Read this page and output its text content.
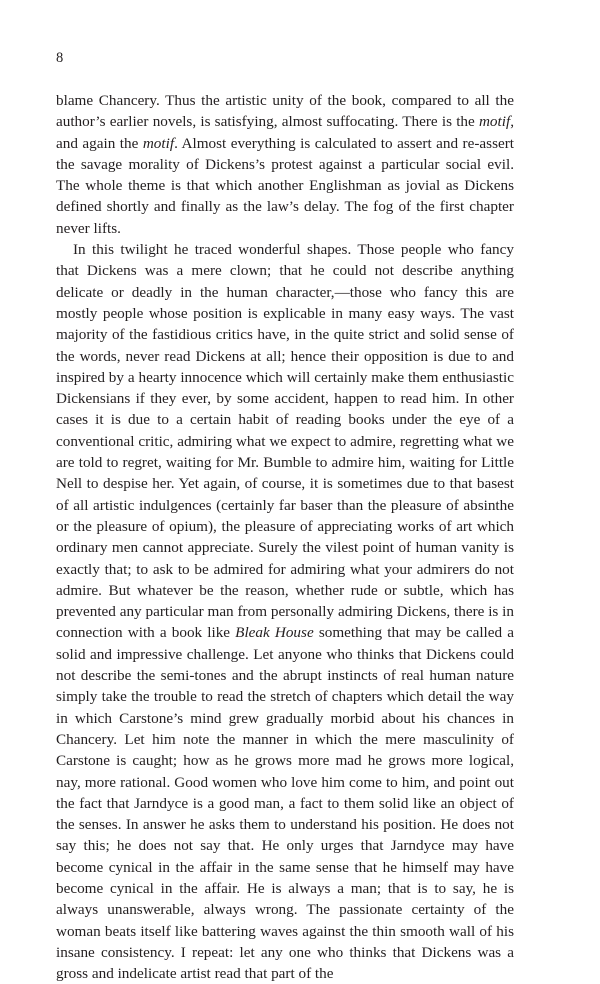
8

blame Chancery. Thus the artistic unity of the book, compared to all the author’s earlier novels, is satisfying, almost suffocating. There is the motif, and again the motif. Almost everything is calculated to assert and re-assert the savage morality of Dickens’s protest against a particular social evil. The whole theme is that which another Englishman as jovial as Dickens defined shortly and finally as the law’s delay. The fog of the first chapter never lifts.

In this twilight he traced wonderful shapes. Those people who fancy that Dickens was a mere clown; that he could not describe anything delicate or deadly in the human character,—those who fancy this are mostly people whose position is explicable in many easy ways. The vast majority of the fastidious critics have, in the quite strict and solid sense of the words, never read Dickens at all; hence their opposition is due to and inspired by a hearty innocence which will certainly make them enthusiastic Dickensians if they ever, by some accident, happen to read him. In other cases it is due to a certain habit of reading books under the eye of a conventional critic, admiring what we expect to admire, regretting what we are told to regret, waiting for Mr. Bumble to admire him, waiting for Little Nell to despise her. Yet again, of course, it is sometimes due to that basest of all artistic indulgences (certainly far baser than the pleasure of absinthe or the pleasure of opium), the pleasure of appreciating works of art which ordinary men cannot appreciate. Surely the vilest point of human vanity is exactly that; to ask to be admired for admiring what your admirers do not admire. But whatever be the reason, whether rude or subtle, which has prevented any particular man from personally admiring Dickens, there is in connection with a book like Bleak House something that may be called a solid and impressive challenge. Let anyone who thinks that Dickens could not describe the semi-tones and the abrupt instincts of real human nature simply take the trouble to read the stretch of chapters which detail the way in which Carstone’s mind grew gradually morbid about his chances in Chancery. Let him note the manner in which the mere masculinity of Carstone is caught; how as he grows more mad he grows more logical, nay, more rational. Good women who love him come to him, and point out the fact that Jarndyce is a good man, a fact to them solid like an object of the senses. In answer he asks them to understand his position. He does not say this; he does not say that. He only urges that Jarndyce may have become cynical in the affair in the same sense that he himself may have become cynical in the affair. He is always a man; that is to say, he is always unanswerable, always wrong. The passionate certainty of the woman beats itself like battering waves against the thin smooth wall of his insane consistency. I repeat: let any one who thinks that Dickens was a gross and indelicate artist read that part of the
